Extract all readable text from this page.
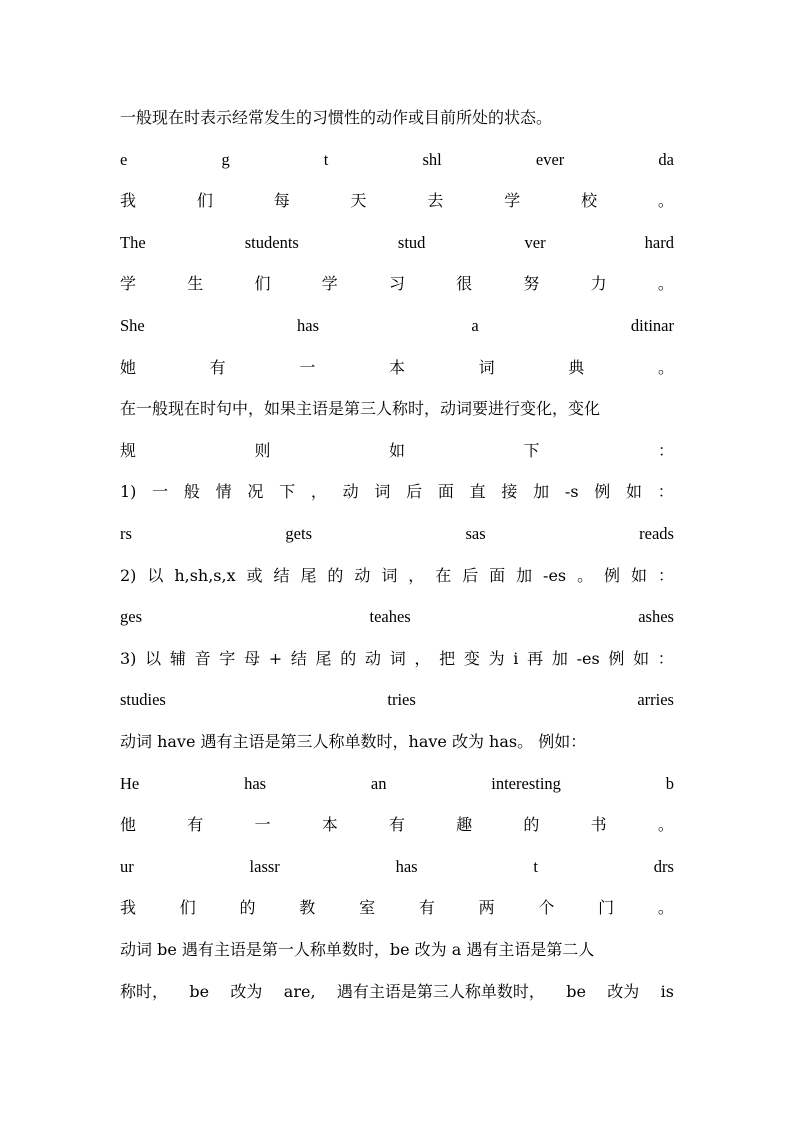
一般现在时表示经常发生的习惯性的动作或目前所处的状态。
e	g	t	shl	ever	da
我	们	每	天	去	学	校	。
The	students	stud	ver	hard
学	生	们	学	习	很	努	力	。
She	has	a	ditinar
她	有	一	本	词	典	。
在一般现在时句中，如果主语是第三人称时，动词要进行变化，变化
规	则	如	下	：
1) 一 般 情 况 下 ， 动 词 后 面 直 接 加 -s 例 如 ：
rs	gets	sas	reads
2) 以 h,sh,s,x 或 结 尾 的 动 词 ， 在 后 面 加 -es 。 例 如 ：
ges	teahes	ashes
3) 以 辅 音 字 母 + 结 尾 的 动 词 ， 把 变 为 i 再 加 -es 例 如 ：
studies	tries	arries
动词 have 遇有主语是第三人称单数时，have 改为 has。 例如：
He	has	an	interesting	b
他	有	一	本	有	趣	的	书	。
ur	lassr	has	t	drs
我	们	的	教	室	有	两	个	门	。
动词 be 遇有主语是第一人称单数时，be 改为 a 遇有主语是第二人
称时， be 改为 are, 遇有主语是第三人称单数时， be 改为 is
